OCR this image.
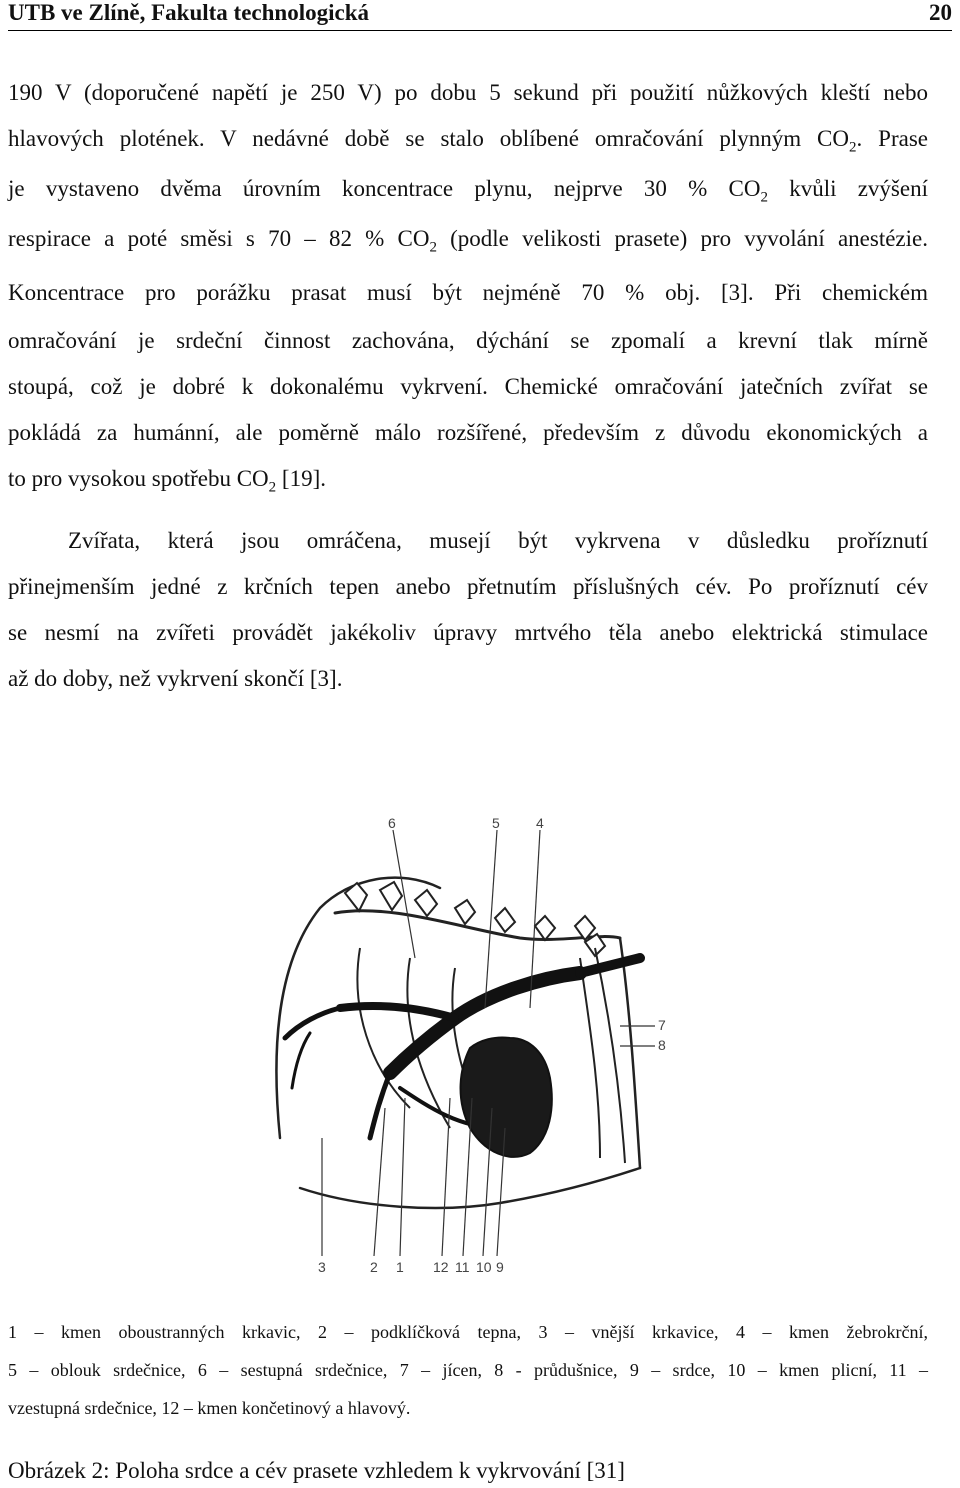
UTB ve Zlíně, Fakulta technologická	20
190 V (doporučené napětí je 250 V) po dobu 5 sekund při použití nůžkových kleští nebo
hlavových plotének. V nedávné době se stalo oblíbené omračování plynným $CO_2$. Prase
je vystaveno dvěma úrovním koncentrace plynu, nejprve 30 % $CO_2$ kvůli zvýšení
respirace a poté směsi s 70 – 82 % $CO_2$ (podle velikosti prasete) pro vyvolání anestézie.
Koncentrace pro porážku prasat musí být nejméně 70 % obj. [3]. Při chemickém
omračování je srdeční činnost zachována, dýchání se zpomalí a krevní tlak mírně
stoupá, což je dobré k dokonalému vykrvení. Chemické omračování jatečních zvířat se
pokládá za humánní, ale poměrně málo rozšířené, především z důvodu ekonomických a
to pro vysokou spotřebu $CO_2$ [19].
Zvířata, která jsou omráčena, musejí být vykrvena v důsledku proříznutí
přinejmenším jedné z krčních tepen anebo přetnutím příslušných cév. Po proříznutí cév
se nesmí na zvířeti provádět jakékoliv úpravy mrtvého těla anebo elektrická stimulace
až do doby, než vykrvení skončí [3].
6	5	4
7
8
3	2 1 12 11 10 9
1 – kmen oboustranných krkavic, 2 – podklíčková tepna, 3 – vnější krkavice, 4 – kmen žebrokrční,
5 – oblouk srdečnice, 6 – sestupná srdečnice, 7 – jícen, 8 - průdušnice, 9 – srdce, 10 – kmen plicní, 11 –
vzestupná srdečnice, 12 – kmen končetinový a hlavový.
Obrázek 2: Poloha srdce a cév prasete vzhledem k vykrvování [31]
